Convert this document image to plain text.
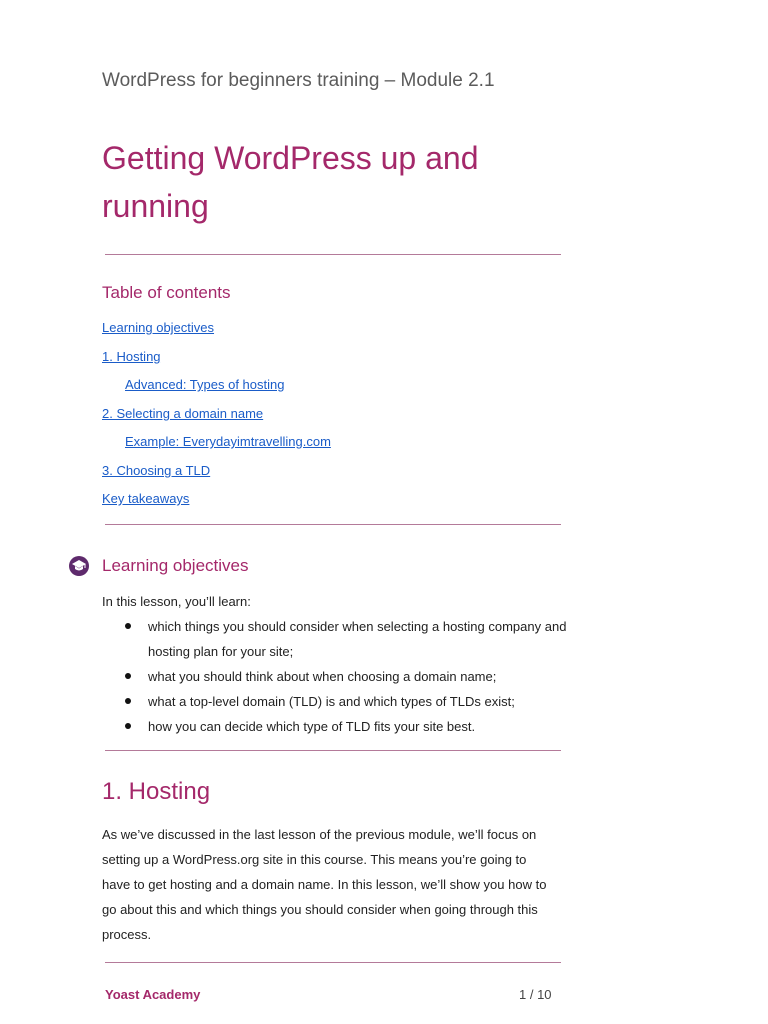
WordPress for beginners training – Module 2.1
Getting WordPress up and running
Table of contents
Learning objectives
1. Hosting
Advanced: Types of hosting
2. Selecting a domain name
Example: Everydayimtravelling.com
3. Choosing a TLD
Key takeaways
Learning objectives
In this lesson, you’ll learn:
which things you should consider when selecting a hosting company and hosting plan for your site;
what you should think about when choosing a domain name;
what a top-level domain (TLD) is and which types of TLDs exist;
how you can decide which type of TLD fits your site best.
1. Hosting
As we’ve discussed in the last lesson of the previous module, we’ll focus on setting up a WordPress.org site in this course. This means you’re going to have to get hosting and a domain name. In this lesson, we’ll show you how to go about this and which things you should consider when going through this process.
Yoast Academy	1 / 10
